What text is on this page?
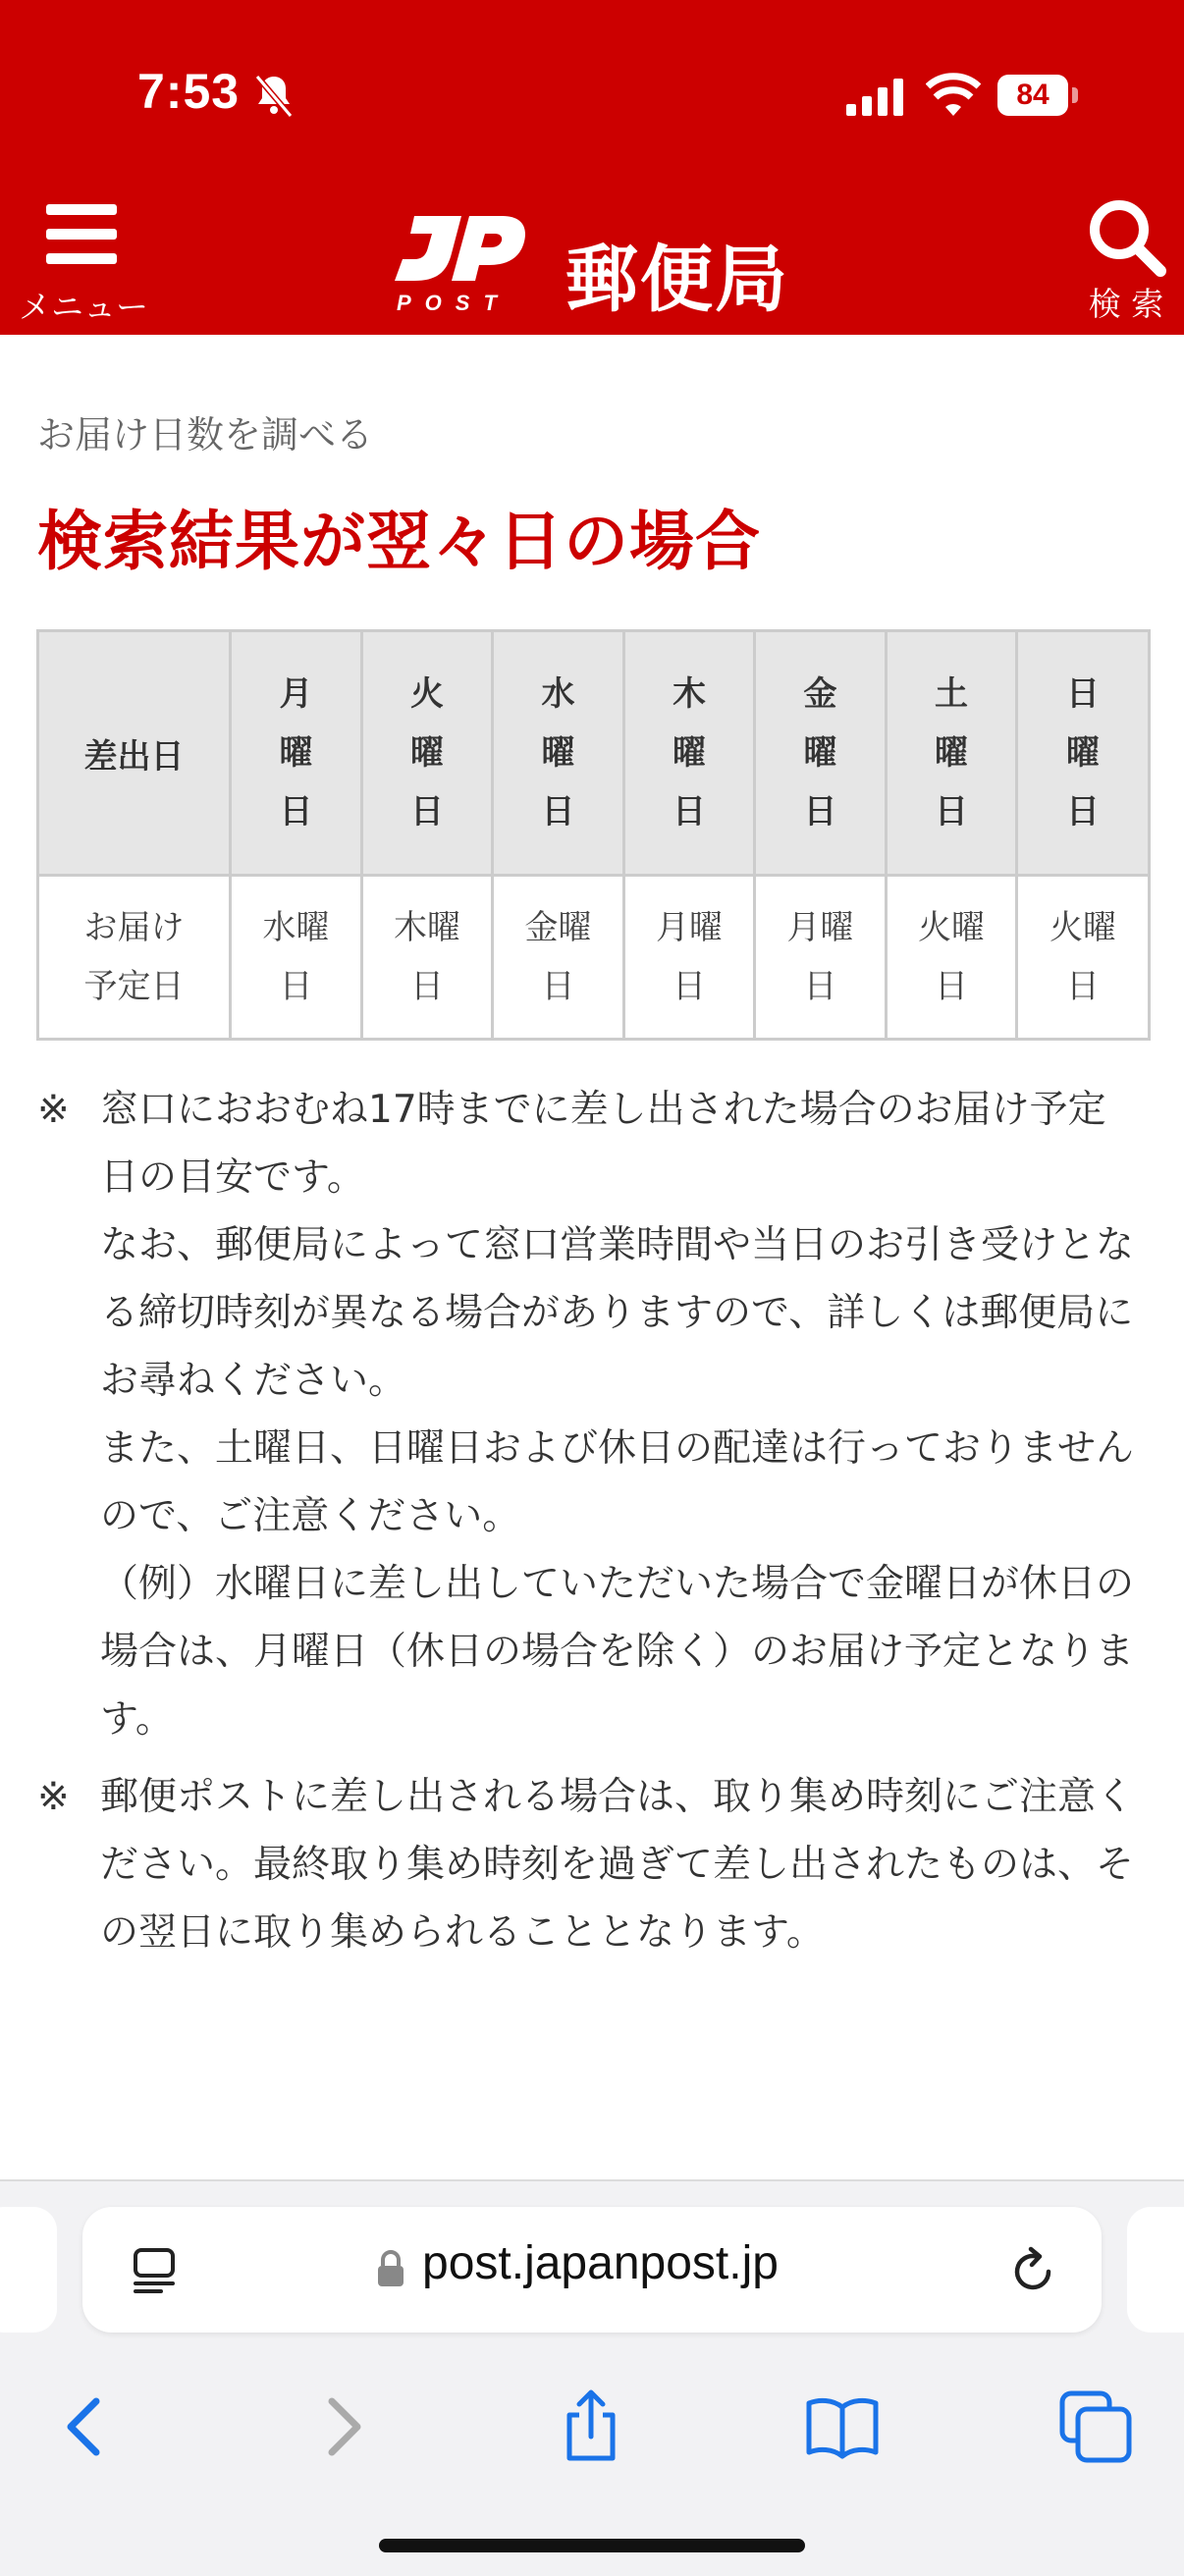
7:53	84
メニュー	POST 郵便局	検 索
お届け日数を調べる
検索結果が翌々日の場合
差出日	月曜日	火曜日	水曜日	木曜日	金曜日	土曜日	日曜日
お届け予定日	水曜日	木曜日	金曜日	月曜日	月曜日	火曜日	火曜日
※ 窓口におおむね17時までに差し出された場合のお届け予定日の目安です。

なお、郵便局によって窓口営業時間や当日のお引き受けとなる締切時刻が異なる場合がありますので、詳しくは郵便局にお尋ねください。

また、土曜日、日曜日および休日の配達は行っておりませんので、ご注意ください。

（例）水曜日に差し出していただいた場合で金曜日が休日の場合は、月曜日（休日の場合を除く）のお届け予定となります。

※ 郵便ポストに差し出される場合は、取り集め時刻にご注意ください。最終取り集め時刻を過ぎて差し出されたものは、その翌日に取り集められることとなります。

post.japanpost.jp
